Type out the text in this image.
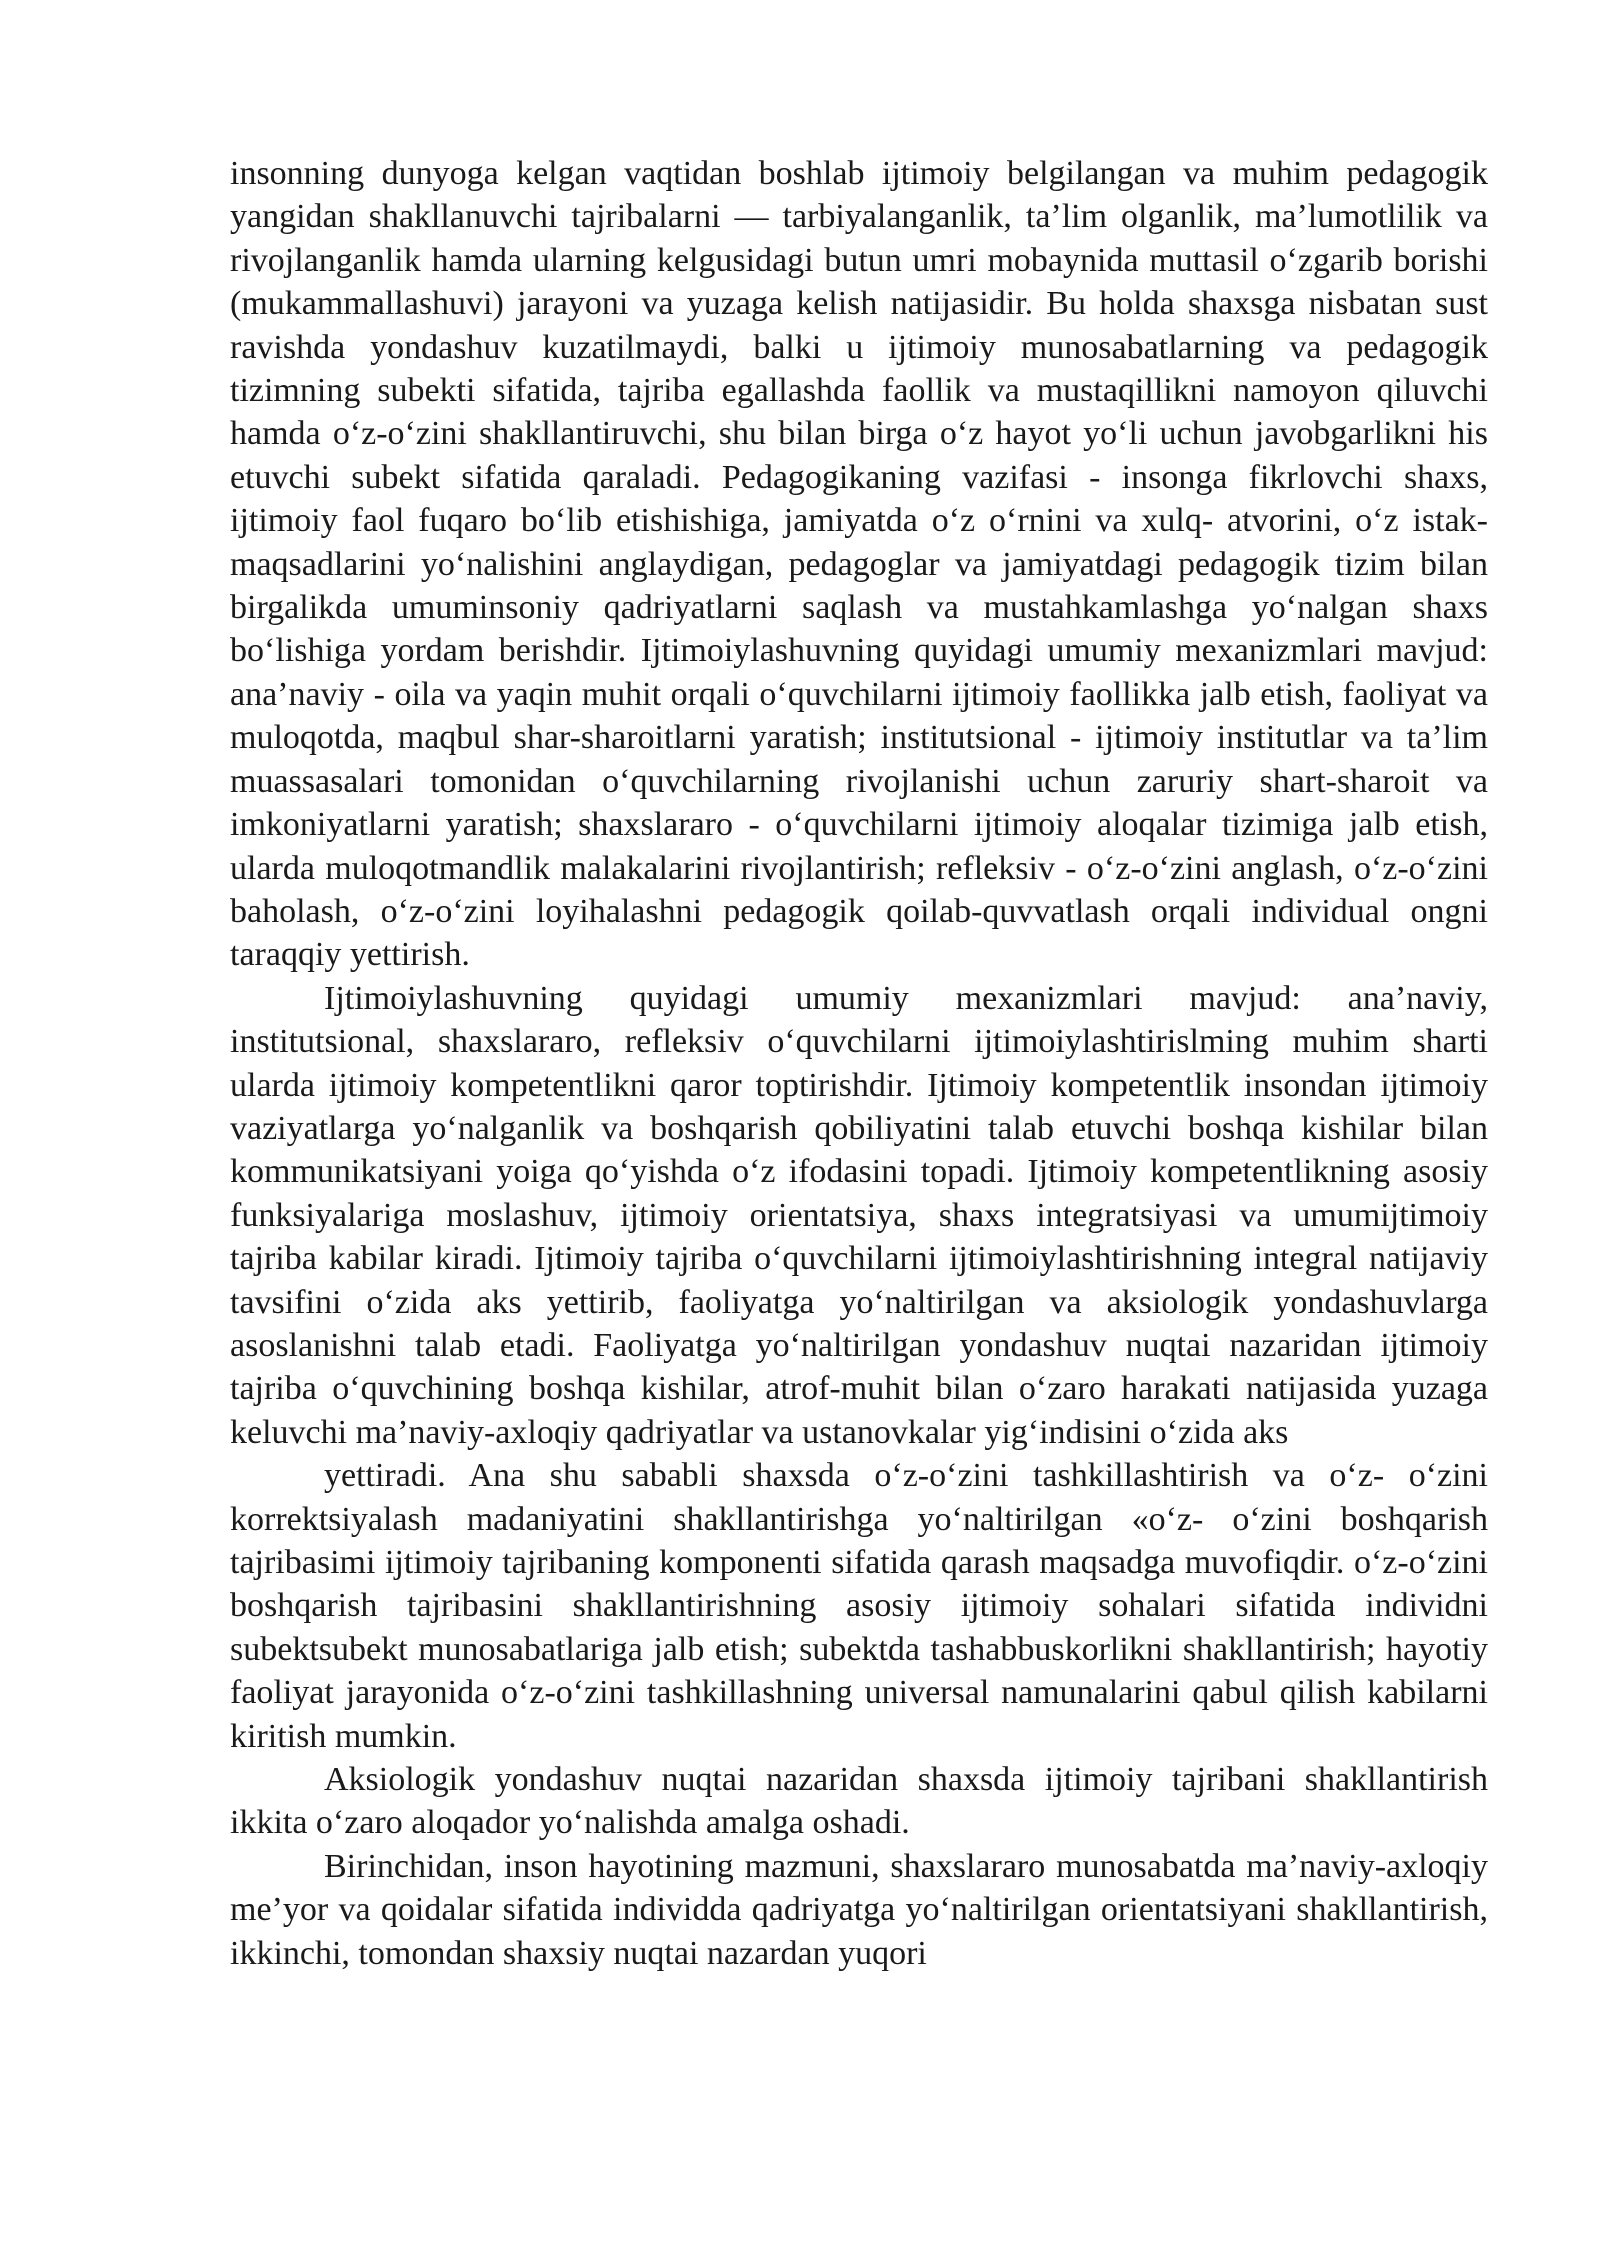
insonning dunyoga kelgan vaqtidan boshlab ijtimoiy belgilangan va muhim pedagogik yangidan shakllanuvchi tajribalarni — tarbiyalanganlik, ta’lim olganlik, ma’lumotlilik va rivojlanganlik hamda ularning kelgusidagi butun umri mobaynida muttasil o‘zgarib borishi (mukammallashuvi) jarayoni va yuzaga kelish natijasidir. Bu holda shaxsga nisbatan sust ravishda yondashuv kuzatilmaydi, balki u ijtimoiy munosabatlarning va pedagogik tizimning subekti sifatida, tajriba egallashda faollik va mustaqillikni namoyon qiluvchi hamda o‘z-o‘zini shakllantiruvchi, shu bilan birga o‘z hayot yo‘li uchun javobgarlikni his etuvchi subekt sifatida qaraladi. Pedagogikaning vazifasi - insonga fikrlovchi shaxs, ijtimoiy faol fuqaro bo‘lib etishishiga, jamiyatda o‘z o‘rnini va xulq- atvorini, o‘z istak-maqsadlarini yo‘nalishini anglaydigan, pedagoglar va jamiyatdagi pedagogik tizim bilan birgalikda umuminsoniy qadriyatlarni saqlash va mustahkamlashga yo‘nalgan shaxs bo‘lishiga yordam berishdir. Ijtimoiylashuvning quyidagi umumiy mexanizmlari mavjud: ana’naviy - oila va yaqin muhit orqali o‘quvchilarni ijtimoiy faollikka jalb etish, faoliyat va muloqotda, maqbul shar-sharoitlarni yaratish; institutsional - ijtimoiy institutlar va ta’lim muassasalari tomonidan o‘quvchilarning rivojlanishi uchun zaruriy shart-sharoit va imkoniyatlarni yaratish; shaxslararo - o‘quvchilarni ijtimoiy aloqalar tizimiga jalb etish, ularda muloqotmandlik malakalarini rivojlantirish; refleksiv - o‘z-o‘zini anglash, o‘z-o‘zini baholash, o‘z-o‘zini loyihalashni pedagogik qoilab-quvvatlash orqali individual ongni taraqqiy yettirish.

Ijtimoiylashuvning quyidagi umumiy mexanizmlari mavjud: ana’naviy, institutsional, shaxslararo, refleksiv o‘quvchilarni ijtimoiylashtirislming muhim sharti ularda ijtimoiy kompetentlikni qaror toptirishdir. Ijtimoiy kompetentlik insondan ijtimoiy vaziyatlarga yo‘nalganlik va boshqarish qobiliyatini talab etuvchi boshqa kishilar bilan kommunikatsiyani yoiga qo‘yishda o‘z ifodasini topadi. Ijtimoiy kompetentlikning asosiy funksiyalariga moslashuv, ijtimoiy orientatsiya, shaxs integratsiyasi va umumijtimoiy tajriba kabilar kiradi. Ijtimoiy tajriba o‘quvchilarni ijtimoiylashtirishning integral natijaviy tavsifini o‘zida aks yettirib, faoliyatga yo‘naltirilgan va aksiologik yondashuvlarga asoslanishni talab etadi. Faoliyatga yo‘naltirilgan yondashuv nuqtai nazaridan ijtimoiy tajriba o‘quvchining boshqa kishilar, atrof-muhit bilan o‘zaro harakati natijasida yuzaga keluvchi ma’naviy-axloqiy qadriyatlar va ustanovkalar yig‘indisini o‘zida aks

yettiradi. Ana shu sababli shaxsda o‘z-o‘zini tashkillashtirish va o‘z- o‘zini korrektsiyalash madaniyatini shakllantirishga yo‘naltirilgan «o‘z- o‘zini boshqarish tajribasimi ijtimoiy tajribaning komponenti sifatida qarash maqsadga muvofiqdir. o‘z-o‘zini boshqarish tajribasini shakllantirishning asosiy ijtimoiy sohalari sifatida individni subektsubekt munosabatlariga jalb etish; subektda tashabbuskorlikni shakllantirish; hayotiy faoliyat jarayonida o‘z-o‘zini tashkillashning universal namunalarini qabul qilish kabilarni kiritish mumkin.

Aksiologik yondashuv nuqtai nazaridan shaxsda ijtimoiy tajribani shakllantirish ikkita o‘zaro aloqador yo‘nalishda amalga oshadi.

Birinchidan, inson hayotining mazmuni, shaxslararo munosabatda ma’naviy-axloqiy me’yor va qoidalar sifatida individda qadriyatga yo‘naltirilgan orientatsiyani shakllantirish, ikkinchi, tomondan shaxsiy nuqtai nazardan yuqori
